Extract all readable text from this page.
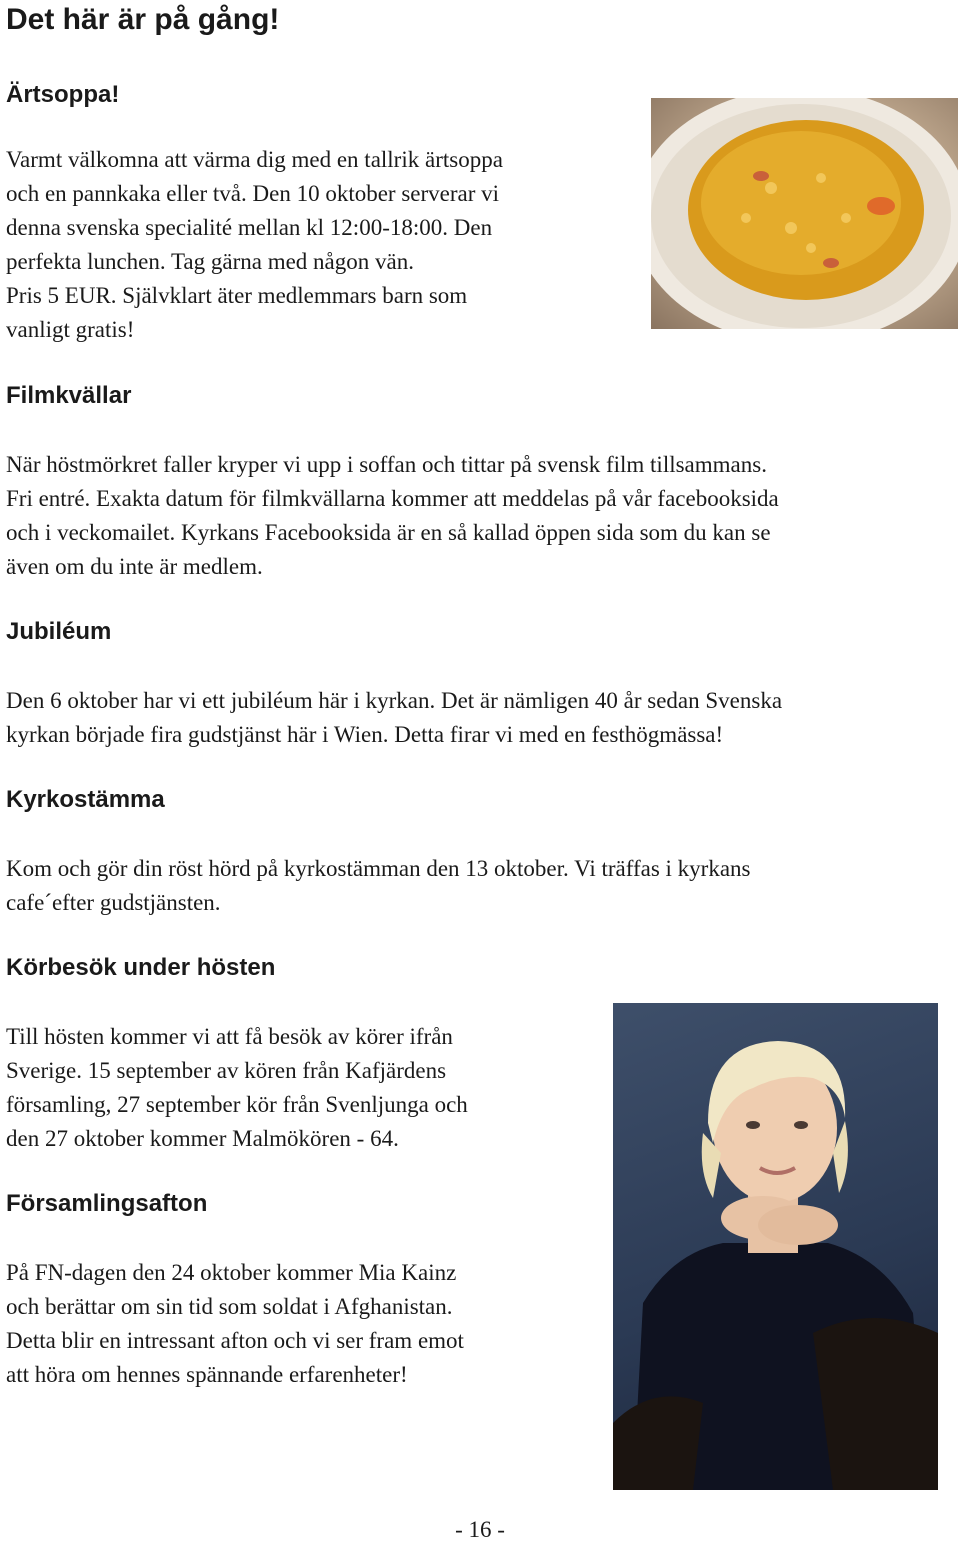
Det här är på gång!
Ärtsoppa!

Varmt välkomna att värma dig med en tallrik ärtsoppa

och en pannkaka eller två. Den 10 oktober serverar vi

denna svenska specialité mellan kl 12:00-18:00. Den

perfekta lunchen. Tag gärna med någon vän.

Pris 5 EUR. Självklart äter medlemmars barn som

vanligt gratis!

Filmkvällar

När höstmörkret faller kryper vi upp i soffan och tittar på svensk film tillsammans.

Fri entré. Exakta datum för filmkvällarna kommer att meddelas på vår facebooksida

och i veckomailet. Kyrkans Facebooksida är en så kallad öppen sida som du kan se

även om du inte är medlem.

Jubiléum

Den 6 oktober har vi ett jubiléum här i kyrkan. Det är nämligen 40 år sedan Svenska

kyrkan började fira gudstjänst här i Wien. Detta firar vi med en festhögmässa!

Kyrkostämma

Kom och gör din röst hörd på kyrkostämman den 13 oktober. Vi träffas i kyrkans

cafe´efter gudstjänsten.

Körbesök under hösten

Till hösten kommer vi att få besök av körer ifrån

Sverige. 15 september av kören från Kafjärdens

församling, 27 september kör från Svenljunga och

den 27 oktober kommer Malmökören - 64.

Församlingsafton

På FN-dagen den 24 oktober kommer Mia Kainz

och berättar om sin tid som soldat i Afghanistan.

Detta blir en intressant afton och vi ser fram emot

att höra om hennes spännande erfarenheter!

- 16 -
